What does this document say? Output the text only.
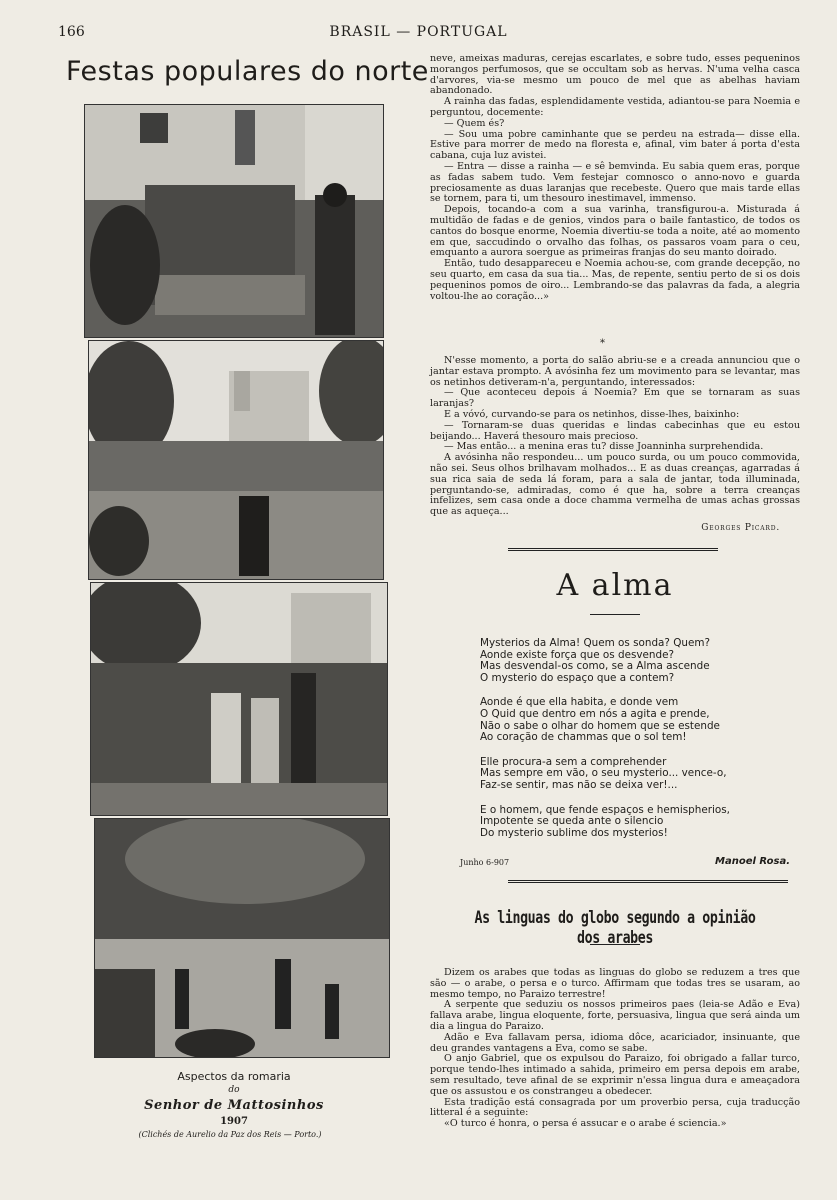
166	BRASIL — PORTUGAL
Festas populares do norte
Aspectos da romaria
do
Senhor de Mattosinhos
1907
(Clichés de Aurelio da Paz dos Reis — Porto.)

neve, ameixas maduras, cerejas escarlates, e sobre tudo, esses pequeninos morangos perfumosos, que se occultam sob as hervas. N'uma velha casca d'arvores, via-se mesmo um pouco de mel que as abelhas haviam abandonado.

A rainha das fadas, esplendidamente vestida, adiantou-se para Noemia e perguntou, docemente:

— Quem és?

— Sou uma pobre caminhante que se perdeu na estrada— disse ella. Estive para morrer de medo na floresta e, afinal, vim bater á porta d'esta cabana, cuja luz avistei.

— Entra — disse a rainha — e sê bemvinda. Eu sabia quem eras, porque as fadas sabem tudo. Vem festejar comnosco o anno-novo e guarda preciosamente as duas laranjas que recebeste. Quero que mais tarde ellas se tornem, para ti, um thesouro inestimavel, immenso.

Depois, tocando-a com a sua varinha, transfigurou-a. Misturada á multidão de fadas e de genios, vindos para o baile fantastico, de todos os cantos do bosque enorme, Noemia divertiu-se toda a noite, até ao momento em que, saccudindo o orvalho das folhas, os passaros voam para o ceu, emquanto a aurora soergue as primeiras franjas do seu manto doirado.

Então, tudo desappareceu e Noemia achou-se, com grande decepção, no seu quarto, em casa da sua tia... Mas, de repente, sentiu perto de si os dois pequeninos pomos de oiro... Lembrando-se das palavras da fada, a alegria voltou-lhe ao coração...»

*

N'esse momento, a porta do salão abriu-se e a creada annunciou que o jantar estava prompto. A avósinha fez um movimento para se levantar, mas os netinhos detiveram-n'a, perguntando, interessados:

— Que aconteceu depois á Noemia? Em que se tornaram as suas laranjas?

E a vóvó, curvando-se para os netinhos, disse-lhes, baixinho:

— Tornaram-se duas queridas e lindas cabecinhas que eu estou beijando... Haverá thesouro mais precioso.

— Mas então... a menina eras tu? disse Joanninha surprehendida.

A avósinha não respondeu... um pouco surda, ou um pouco commovida, não sei. Seus olhos brilhavam molhados... E as duas creanças, agarradas á sua rica saia de seda lá foram, para a sala de jantar, toda illuminada, perguntando-se, admiradas, como é que ha, sobre a terra creanças infelizes, sem casa onde a doce chamma vermelha de umas achas grossas que as aqueça...

Georges Picard.
A alma
Mysterios da Alma! Quem os sonda? Quem?
Aonde existe força que os desvende?
Mas desvendal-os como, se a Alma ascende
O mysterio do espaço que a contem?
Aonde é que ella habita, e donde vem
O Quid que dentro em nós a agita e prende,
Não o sabe o olhar do homem que se estende
Ao coração de chammas que o sol tem!
Elle procura-a sem a comprehender
Mas sempre em vão, o seu mysterio... vence-o,
Faz-se sentir, mas não se deixa ver!...
E o homem, que fende espaços e hemispherios,
Impotente se queda ante o silencio
Do mysterio sublime dos mysterios!
Junho 6-907	Manoel Rosa.
As linguas do globo segundo a opinião dos arabes

Dizem os arabes que todas as linguas do globo se reduzem a tres que são — o arabe, o persa e o turco. Affirmam que todas tres se usaram, ao mesmo tempo, no Paraizo terrestre!

A serpente que seduziu os nossos primeiros paes (leia-se Adão e Eva) fallava arabe, lingua eloquente, forte, persuasiva, lingua que será ainda um dia a lingua do Paraizo.

Adão e Eva fallavam persa, idioma dôce, acariciador, insinuante, que deu grandes vantagens a Eva, como se sabe.

O anjo Gabriel, que os expulsou do Paraizo, foi obrigado a fallar turco, porque tendo-lhes intimado a sahida, primeiro em persa depois em arabe, sem resultado, teve afinal de se exprimir n'essa lingua dura e ameaçadora que os assustou e os constrangeu a obedecer.

Esta tradição está consagrada por um proverbio persa, cuja traducção litteral é a seguinte:

«O turco é honra, o persa é assucar e o arabe é sciencia.»
